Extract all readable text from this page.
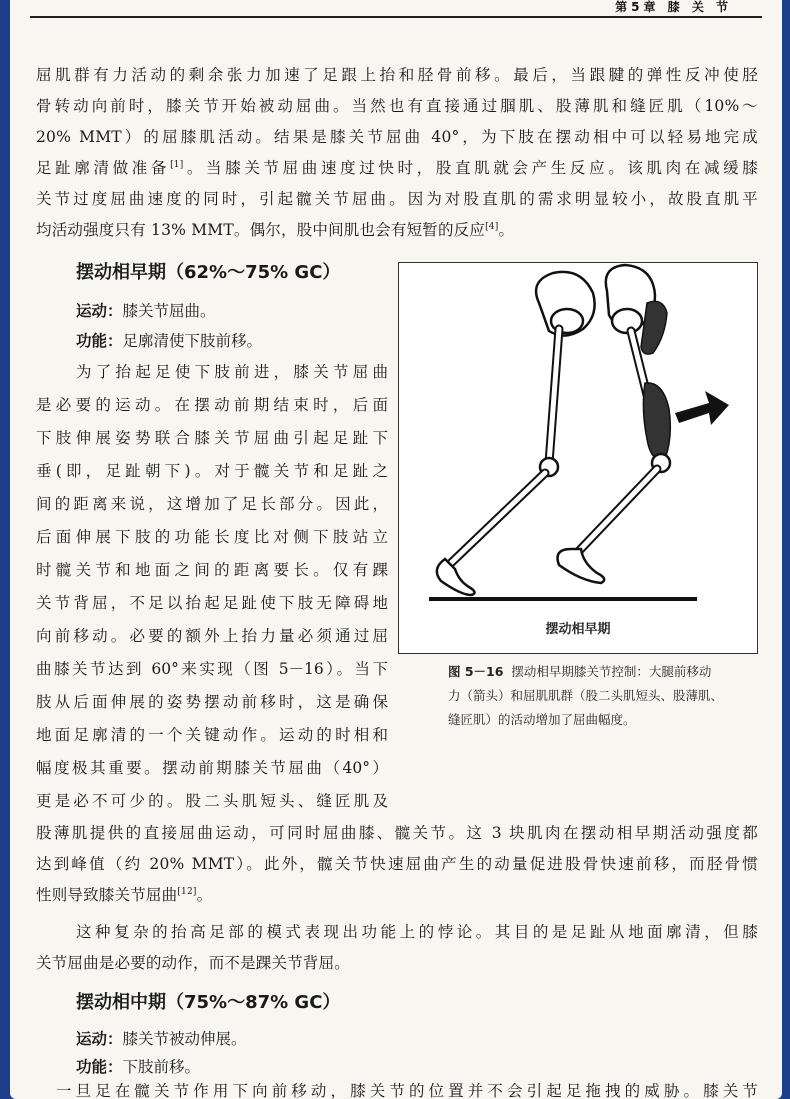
第5章 膝 关 节

屈肌群有力活动的剩余张力加速了足跟上抬和胫骨前移。最后，当跟腱的弹性反冲使胫

骨转动向前时，膝关节开始被动屈曲。当然也有直接通过腘肌、股薄肌和缝匠肌（10%～

20% MMT）的屈膝肌活动。结果是膝关节屈曲 40°，为下肢在摆动相中可以轻易地完成

足趾廓清做准备[1]。当膝关节屈曲速度过快时，股直肌就会产生反应。该肌肉在减缓膝

关节过度屈曲速度的同时，引起髋关节屈曲。因为对股直肌的需求明显较小，故股直肌平

均活动强度只有 13% MMT。偶尔，股中间肌也会有短暂的反应[4]。

摆动相早期（62%～75% GC）

运动：膝关节屈曲。

功能：足廓清使下肢前移。

为了抬起足使下肢前进，膝关节屈曲

是必要的运动。在摆动前期结束时，后面

下肢伸展姿势联合膝关节屈曲引起足趾下

垂(即，足趾朝下)。对于髋关节和足趾之

间的距离来说，这增加了足长部分。因此，

后面伸展下肢的功能长度比对侧下肢站立

时髋关节和地面之间的距离要长。仅有踝

关节背屈，不足以抬起足趾使下肢无障碍地

向前移动。必要的额外上抬力量必须通过屈

曲膝关节达到 60°来实现（图 5－16）。当下

肢从后面伸展的姿势摆动前移时，这是确保

地面足廓清的一个关键动作。运动的时相和

幅度极其重要。摆动前期膝关节屈曲（40°）

更是必不可少的。股二头肌短头、缝匠肌及

股薄肌提供的直接屈曲运动，可同时屈曲膝、髋关节。这 3 块肌肉在摆动相早期活动强度都

达到峰值（约 20% MMT）。此外，髋关节快速屈曲产生的动量促进股骨快速前移，而胫骨惯

性则导致膝关节屈曲[12]。

这种复杂的抬高足部的模式表现出功能上的悖论。其目的是足趾从地面廓清，但膝

关节屈曲是必要的动作，而不是踝关节背屈。

摆动相早期
图 5－16 摆动相早期膝关节控制：大腿前移动
力（箭头）和屈肌肌群（股二头肌短头、股薄肌、
缝匠肌）的活动增加了屈曲幅度。
摆动相中期（75%～87% GC）

运动：膝关节被动伸展。

功能：下肢前移。

一旦足在髋关节作用下向前移动，膝关节的位置并不会引起足拖拽的威胁。膝关节
